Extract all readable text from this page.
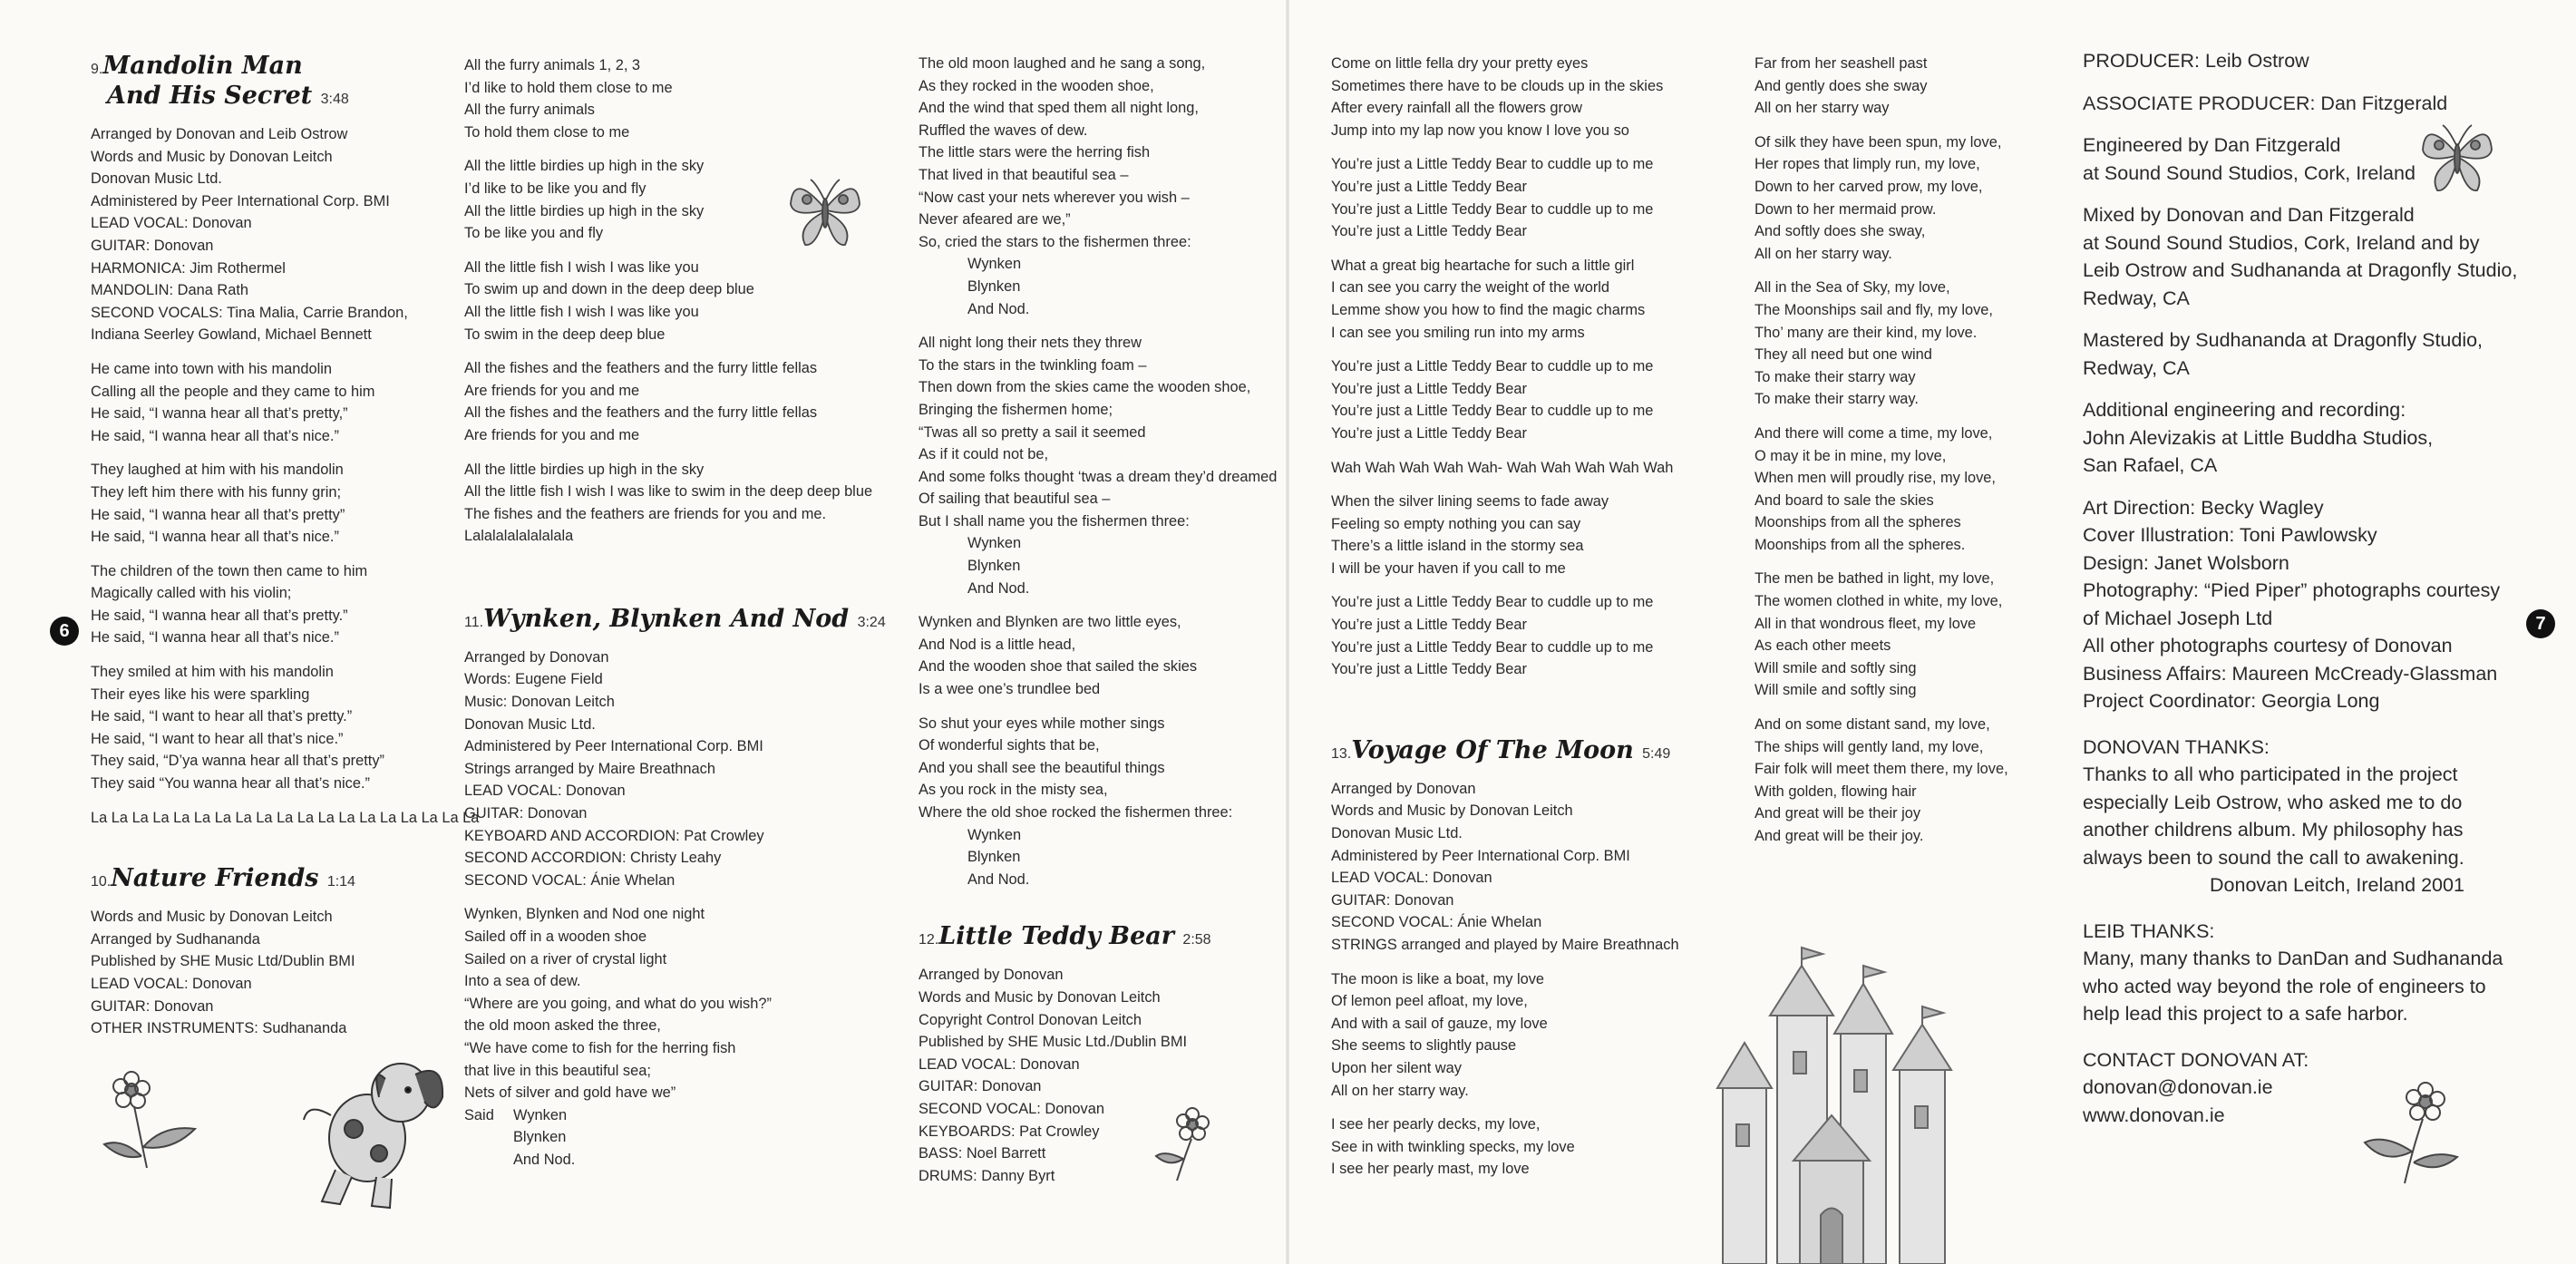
6	7
9.Mandolin Man
And His Secret 3:48
Arranged by Donovan and Leib Ostrow
Words and Music by Donovan Leitch
Donovan Music Ltd.
Administered by Peer International Corp. BMI
LEAD VOCAL: Donovan
GUITAR: Donovan
HARMONICA: Jim Rothermel
MANDOLIN: Dana Rath
SECOND VOCALS: Tina Malia, Carrie Brandon,
Indiana Seerley Gowland, Michael Bennett
He came into town with his mandolin
Calling all the people and they came to him
He said, “I wanna hear all that’s pretty,”
He said, “I wanna hear all that’s nice.”
They laughed at him with his mandolin
They left him there with his funny grin;
He said, “I wanna hear all that’s pretty”
He said, “I wanna hear all that’s nice.”
The children of the town then came to him
Magically called with his violin;
He said, “I wanna hear all that’s pretty.”
He said, “I wanna hear all that’s nice.”
They smiled at him with his mandolin
Their eyes like his were sparkling
He said, “I want to hear all that’s pretty.”
He said, “I want to hear all that’s nice.”
They said, “D’ya wanna hear all that’s pretty”
They said “You wanna hear all that’s nice.”
La La La La La La La La La La La La La La La La La La La
10.Nature Friends 1:14
Words and Music by Donovan Leitch
Arranged by Sudhananda
Published by SHE Music Ltd/Dublin BMI
LEAD VOCAL: Donovan
GUITAR: Donovan
OTHER INSTRUMENTS: Sudhananda
All the furry animals 1, 2, 3
I’d like to hold them close to me
All the furry animals
To hold them close to me
All the little birdies up high in the sky
I’d like to be like you and fly
All the little birdies up high in the sky
To be like you and fly
All the little fish I wish I was like you
To swim up and down in the deep deep blue
All the little fish I wish I was like you
To swim in the deep deep blue
All the fishes and the feathers and the furry little fellas
Are friends for you and me
All the fishes and the feathers and the furry little fellas
Are friends for you and me
All the little birdies up high in the sky
All the little fish I wish I was like to swim in the deep deep blue
The fishes and the feathers are friends for you and me.
Lalalalalalalalala
11.Wynken, Blynken And Nod 3:24
Arranged by Donovan
Words: Eugene Field
Music: Donovan Leitch
Donovan Music Ltd.
Administered by Peer International Corp. BMI
Strings arranged by Maire Breathnach
LEAD VOCAL: Donovan
GUITAR: Donovan
KEYBOARD AND ACCORDION: Pat Crowley
SECOND ACCORDION: Christy Leahy
SECOND VOCAL: Ánie Whelan
Wynken, Blynken and Nod one night
Sailed off in a wooden shoe
Sailed on a river of crystal light
Into a sea of dew.
“Where are you going, and what do you wish?”
the old moon asked the three,
“We have come to fish for the herring fish
that live in this beautiful sea;
Nets of silver and gold have we”
Said Wynken
Blynken
And Nod.
The old moon laughed and he sang a song,
As they rocked in the wooden shoe,
And the wind that sped them all night long,
Ruffled the waves of dew.
The little stars were the herring fish
That lived in that beautiful sea –
“Now cast your nets wherever you wish –
Never afeared are we,”
So, cried the stars to the fishermen three:
Wynken
Blynken
And Nod.
All night long their nets they threw
To the stars in the twinkling foam –
Then down from the skies came the wooden shoe,
Bringing the fishermen home;
“Twas all so pretty a sail it seemed
As if it could not be,
And some folks thought ‘twas a dream they’d dreamed
Of sailing that beautiful sea –
But I shall name you the fishermen three:
Wynken
Blynken
And Nod.
Wynken and Blynken are two little eyes,
And Nod is a little head,
And the wooden shoe that sailed the skies
Is a wee one’s trundlee bed
So shut your eyes while mother sings
Of wonderful sights that be,
And you shall see the beautiful things
As you rock in the misty sea,
Where the old shoe rocked the fishermen three:
Wynken
Blynken
And Nod.
12.Little Teddy Bear 2:58
Arranged by Donovan
Words and Music by Donovan Leitch
Copyright Control Donovan Leitch
Published by SHE Music Ltd./Dublin BMI
LEAD VOCAL: Donovan
GUITAR: Donovan
SECOND VOCAL: Donovan
KEYBOARDS: Pat Crowley
BASS: Noel Barrett
DRUMS: Danny Byrt
Come on little fella dry your pretty eyes
Sometimes there have to be clouds up in the skies
After every rainfall all the flowers grow
Jump into my lap now you know I love you so
You’re just a Little Teddy Bear to cuddle up to me
You’re just a Little Teddy Bear
You’re just a Little Teddy Bear to cuddle up to me
You’re just a Little Teddy Bear
What a great big heartache for such a little girl
I can see you carry the weight of the world
Lemme show you how to find the magic charms
I can see you smiling run into my arms
You’re just a Little Teddy Bear to cuddle up to me
You’re just a Little Teddy Bear
You’re just a Little Teddy Bear to cuddle up to me
You’re just a Little Teddy Bear
Wah Wah Wah Wah Wah- Wah Wah Wah Wah Wah
When the silver lining seems to fade away
Feeling so empty nothing you can say
There’s a little island in the stormy sea
I will be your haven if you call to me
You’re just a Little Teddy Bear to cuddle up to me
You’re just a Little Teddy Bear
You’re just a Little Teddy Bear to cuddle up to me
You’re just a Little Teddy Bear
13.Voyage Of The Moon 5:49
Arranged by Donovan
Words and Music by Donovan Leitch
Donovan Music Ltd.
Administered by Peer International Corp. BMI
LEAD VOCAL: Donovan
GUITAR: Donovan
SECOND VOCAL: Ánie Whelan
STRINGS arranged and played by Maire Breathnach
The moon is like a boat, my love
Of lemon peel afloat, my love,
And with a sail of gauze, my love
She seems to slightly pause
Upon her silent way
All on her starry way.
I see her pearly decks, my love,
See in with twinkling specks, my love
I see her pearly mast, my love
Far from her seashell past
And gently does she sway
All on her starry way
Of silk they have been spun, my love,
Her ropes that limply run, my love,
Down to her carved prow, my love,
Down to her mermaid prow.
And softly does she sway,
All on her starry way.
All in the Sea of Sky, my love,
The Moonships sail and fly, my love,
Tho’ many are their kind, my love.
They all need but one wind
To make their starry way
To make their starry way.
And there will come a time, my love,
O may it be in mine, my love,
When men will proudly rise, my love,
And board to sale the skies
Moonships from all the spheres
Moonships from all the spheres.
The men be bathed in light, my love,
The women clothed in white, my love,
All in that wondrous fleet, my love
As each other meets
Will smile and softly sing
Will smile and softly sing
And on some distant sand, my love,
The ships will gently land, my love,
Fair folk will meet them there, my love,
With golden, flowing hair
And great will be their joy
And great will be their joy.
PRODUCER: Leib Ostrow
ASSOCIATE PRODUCER: Dan Fitzgerald
Engineered by Dan Fitzgerald
at Sound Sound Studios, Cork, Ireland
Mixed by Donovan and Dan Fitzgerald
at Sound Sound Studios, Cork, Ireland and by
Leib Ostrow and Sudhananda at Dragonfly Studio,
Redway, CA
Mastered by Sudhananda at Dragonfly Studio,
Redway, CA
Additional engineering and recording:
John Alevizakis at Little Buddha Studios,
San Rafael, CA
Art Direction: Becky Wagley
Cover Illustration: Toni Pawlowsky
Design: Janet Wolsborn
Photography: “Pied Piper” photographs courtesy
of Michael Joseph Ltd
All other photographs courtesy of Donovan
Business Affairs: Maureen McCready-Glassman
Project Coordinator: Georgia Long
DONOVAN THANKS:
Thanks to all who participated in the project
especially Leib Ostrow, who asked me to do
another childrens album. My philosophy has
always been to sound the call to awakening.
Donovan Leitch, Ireland 2001
LEIB THANKS:
Many, many thanks to DanDan and Sudhananda
who acted way beyond the role of engineers to
help lead this project to a safe harbor.
CONTACT DONOVAN AT:
donovan@donovan.ie
www.donovan.ie
